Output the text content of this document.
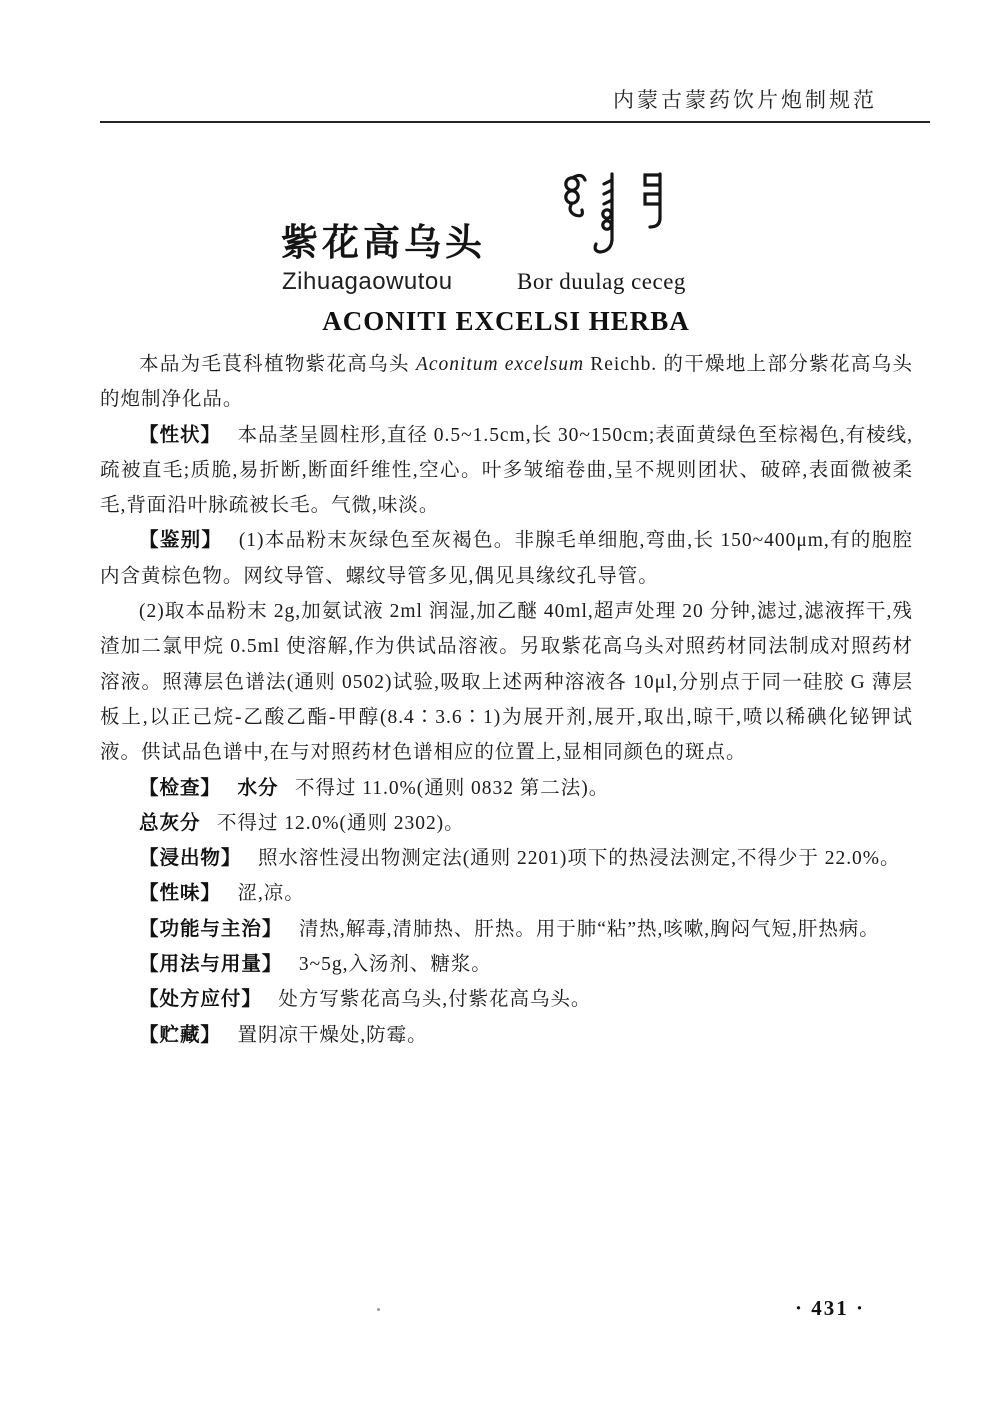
内蒙古蒙药饮片炮制规范
紫花高乌头
Zihuagaowutou	Bor duulag ceceg
ACONITI EXCELSI HERBA

本品为毛茛科植物紫花高乌头 Aconitum excelsum Reichb. 的干燥地上部分紫花高乌头的炮制净化品。

【性状】 本品茎呈圆柱形,直径 0.5~1.5cm,长 30~150cm;表面黄绿色至棕褐色,有棱线,疏被直毛;质脆,易折断,断面纤维性,空心。叶多皱缩卷曲,呈不规则团状、破碎,表面微被柔毛,背面沿叶脉疏被长毛。气微,味淡。

【鉴别】 (1)本品粉末灰绿色至灰褐色。非腺毛单细胞,弯曲,长 150~400μm,有的胞腔内含黄棕色物。网纹导管、螺纹导管多见,偶见具缘纹孔导管。

(2)取本品粉末 2g,加氨试液 2ml 润湿,加乙醚 40ml,超声处理 20 分钟,滤过,滤液挥干,残渣加二氯甲烷 0.5ml 使溶解,作为供试品溶液。另取紫花高乌头对照药材同法制成对照药材溶液。照薄层色谱法(通则 0502)试验,吸取上述两种溶液各 10μl,分别点于同一硅胶 G 薄层板上,以正己烷-乙酸乙酯-甲醇(8.4∶3.6∶1)为展开剂,展开,取出,晾干,喷以稀碘化铋钾试液。供试品色谱中,在与对照药材色谱相应的位置上,显相同颜色的斑点。

【检查】 水分 不得过 11.0%(通则 0832 第二法)。

总灰分 不得过 12.0%(通则 2302)。

【浸出物】 照水溶性浸出物测定法(通则 2201)项下的热浸法测定,不得少于 22.0%。

【性味】 涩,凉。

【功能与主治】 清热,解毒,清肺热、肝热。用于肺“粘”热,咳嗽,胸闷气短,肝热病。

【用法与用量】 3~5g,入汤剂、糖浆。

【处方应付】 处方写紫花高乌头,付紫花高乌头。

【贮藏】 置阴凉干燥处,防霉。

· 431 ·
